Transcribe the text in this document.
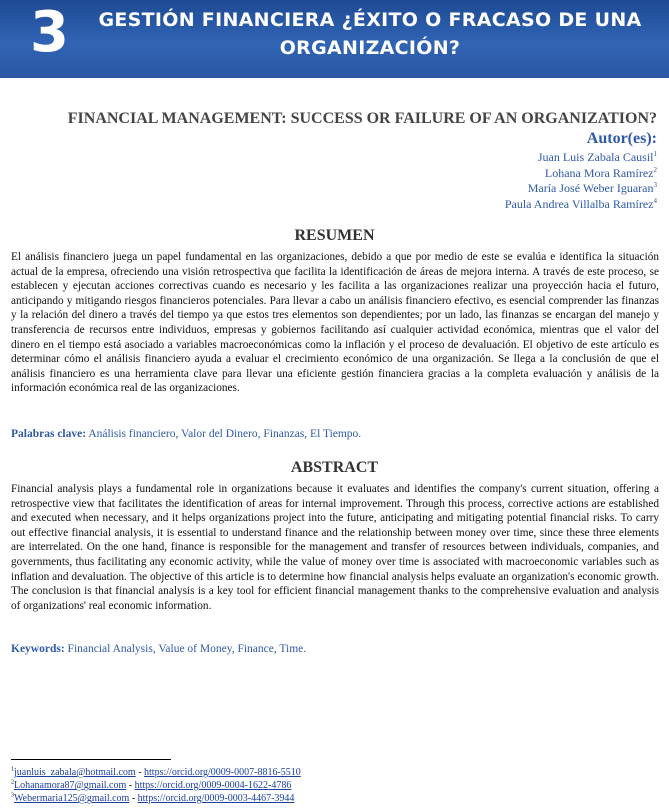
3	GESTIÓN FINANCIERA ¿ÉXITO O FRACASO DE UNA ORGANIZACIÓN?
FINANCIAL MANAGEMENT: SUCCESS OR FAILURE OF AN ORGANIZATION?
Autor(es):
Juan Luis Zabala Causil$^1$
Lohana Mora Ramírez$^2$
María José Weber Iguaran$^3$
Paula Andrea Villalba Ramírez$^4$
RESUMEN
El análisis financiero juega un papel fundamental en las organizaciones, debido a que por medio de este se evalúa e identifica la situación actual de la empresa, ofreciendo una visión retrospectiva que facilita la identificación de áreas de mejora interna. A través de este proceso, se establecen y ejecutan acciones correctivas cuando es necesario y les facilita a las organizaciones realizar una proyección hacia el futuro, anticipando y mitigando riesgos financieros potenciales. Para llevar a cabo un análisis financiero efectivo, es esencial comprender las finanzas y la relación del dinero a través del tiempo ya que estos tres elementos son dependientes; por un lado, las finanzas se encargan del manejo y transferencia de recursos entre individuos, empresas y gobiernos facilitando así cualquier actividad económica, mientras que el valor del dinero en el tiempo está asociado a variables macroeconómicas como la inflación y el proceso de devaluación. El objetivo de este artículo es determinar cómo el análisis financiero ayuda a evaluar el crecimiento económico de una organización. Se llega a la conclusión de que el análisis financiero es una herramienta clave para llevar una eficiente gestión financiera gracias a la completa evaluación y análisis de la información económica real de las organizaciones.
Palabras clave: Análisis financiero, Valor del Dinero, Finanzas, El Tiempo.
ABSTRACT
Financial analysis plays a fundamental role in organizations because it evaluates and identifies the company's current situation, offering a retrospective view that facilitates the identification of areas for internal improvement. Through this process, corrective actions are established and executed when necessary, and it helps organizations project into the future, anticipating and mitigating potential financial risks. To carry out effective financial analysis, it is essential to understand finance and the relationship between money over time, since these three elements are interrelated. On the one hand, finance is responsible for the management and transfer of resources between individuals, companies, and governments, thus facilitating any economic activity, while the value of money over time is associated with macroeconomic variables such as inflation and devaluation. The objective of this article is to determine how financial analysis helps evaluate an organization's economic growth. The conclusion is that financial analysis is a key tool for efficient financial management thanks to the comprehensive evaluation and analysis of organizations' real economic information.
Keywords: Financial Analysis, Value of Money, Finance, Time.
$^1$juanluis_zabala@hotmail.com - https://orcid.org/0009-0007-8816-5510
$^2$Lohanamora87@gmail.com - https://orcid.org/0009-0004-1622-4786
$^3$Webermaria125@gmail.com - https://orcid.org/0009-0003-4467-3944
